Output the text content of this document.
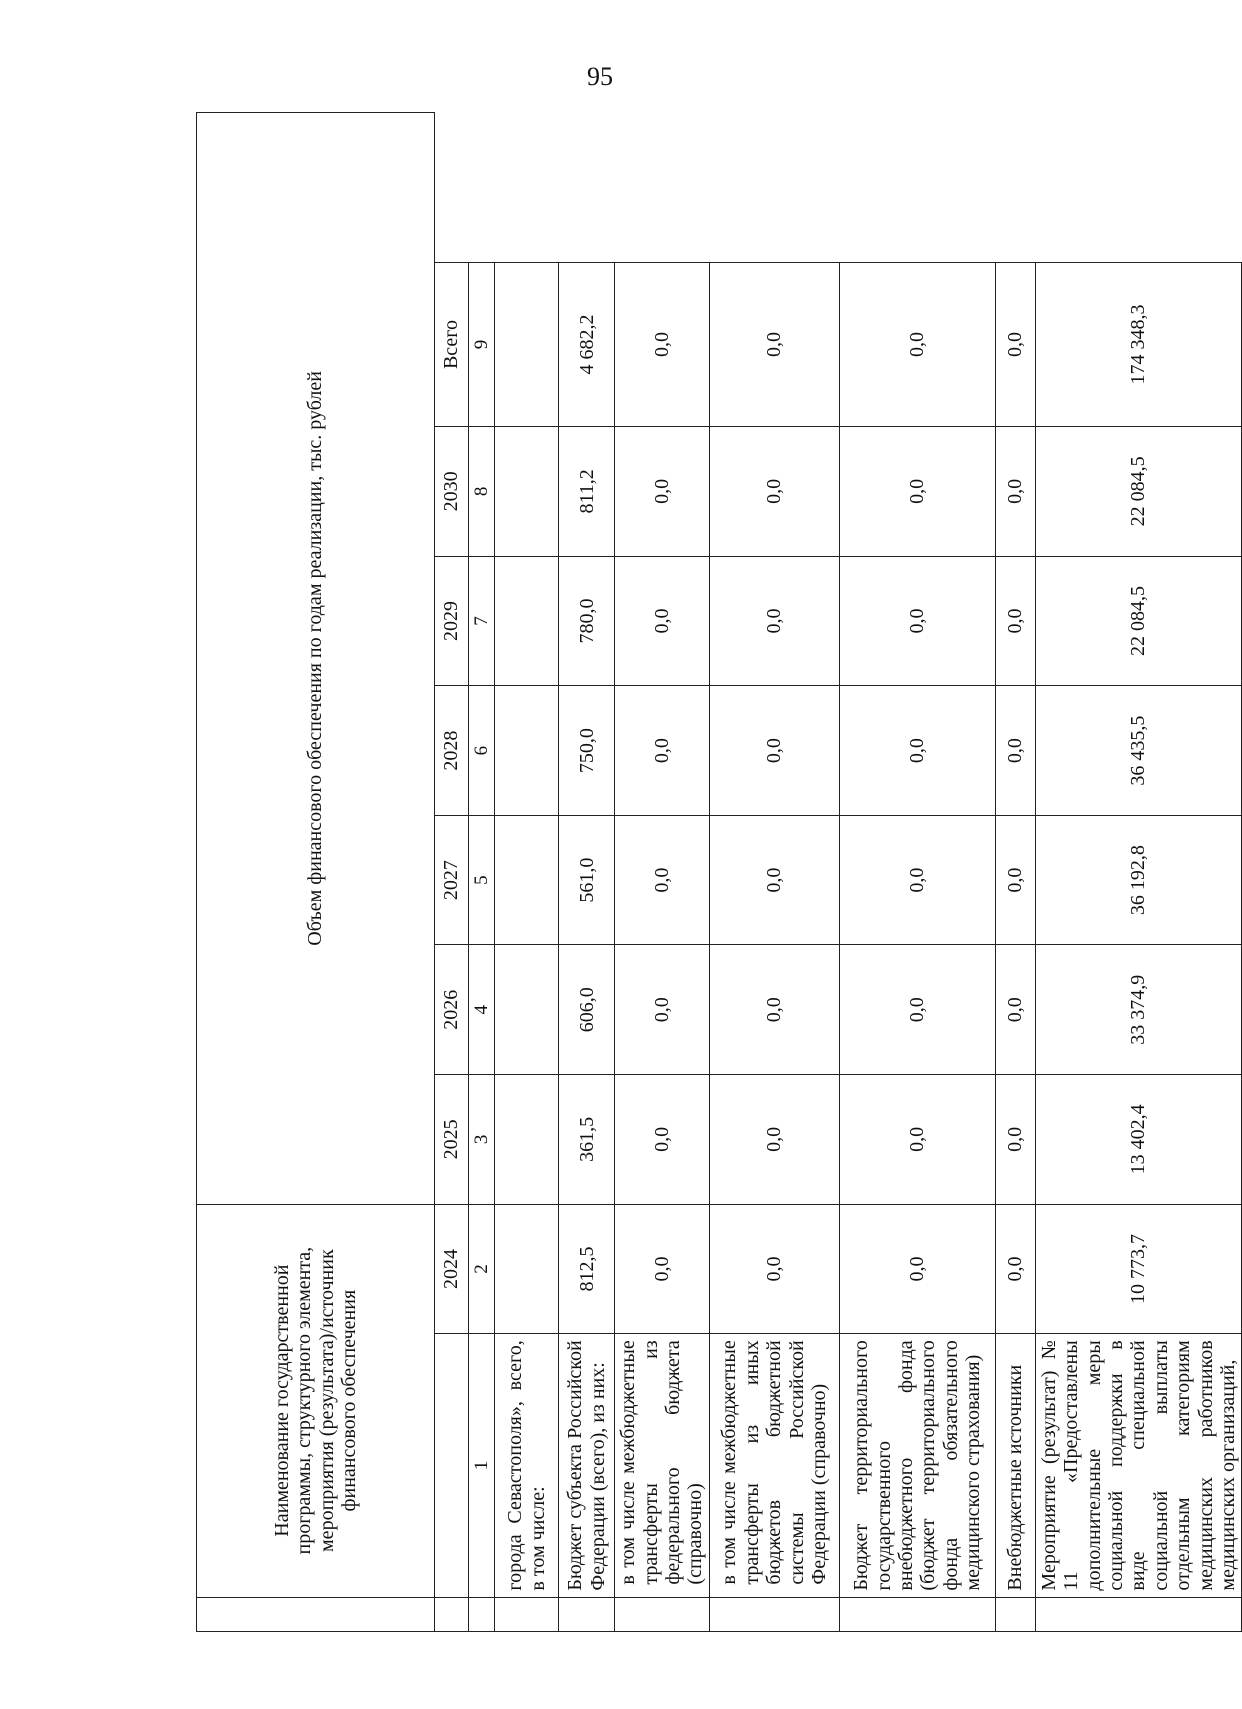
95
	Наименование государственной программы, структурного элемента, мероприятия (результата)/источник финансового обеспечения		Объем финансового обеспечения по годам реализации, тыс. рублей						
		2024	2025	2026	2027	2028	2029	2030	Всего
	1	2	3	4	5	6	7	8	9
	города Севастополя», всего, в том числе:								
	Бюджет субъекта Российской Федерации (всего), из них:	812,5	361,5	606,0	561,0	750,0	780,0	811,2	4 682,2
	в том числе межбюджетные трансферты из федерального бюджета (справочно)	0,0	0,0	0,0	0,0	0,0	0,0	0,0	0,0
	в том числе межбюджетные трансферты из иных бюджетов бюджетной системы Российской Федерации (справочно)	0,0	0,0	0,0	0,0	0,0	0,0	0,0	0,0
	Бюджет территориального государственного внебюджетного фонда (бюджет территориального фонда обязательного медицинского страхования)	0,0	0,0	0,0	0,0	0,0	0,0	0,0	0,0
	Внебюджетные источники	0,0	0,0	0,0	0,0	0,0	0,0	0,0	0,0
	Мероприятие (результат) № 11 «Предоставлены дополнительные меры социальной поддержки в виде специальной социальной выплаты отдельным категориям медицинских работников медицинских организаций,	10 773,7	13 402,4	33 374,9	36 192,8	36 435,5	22 084,5	22 084,5	174 348,3
